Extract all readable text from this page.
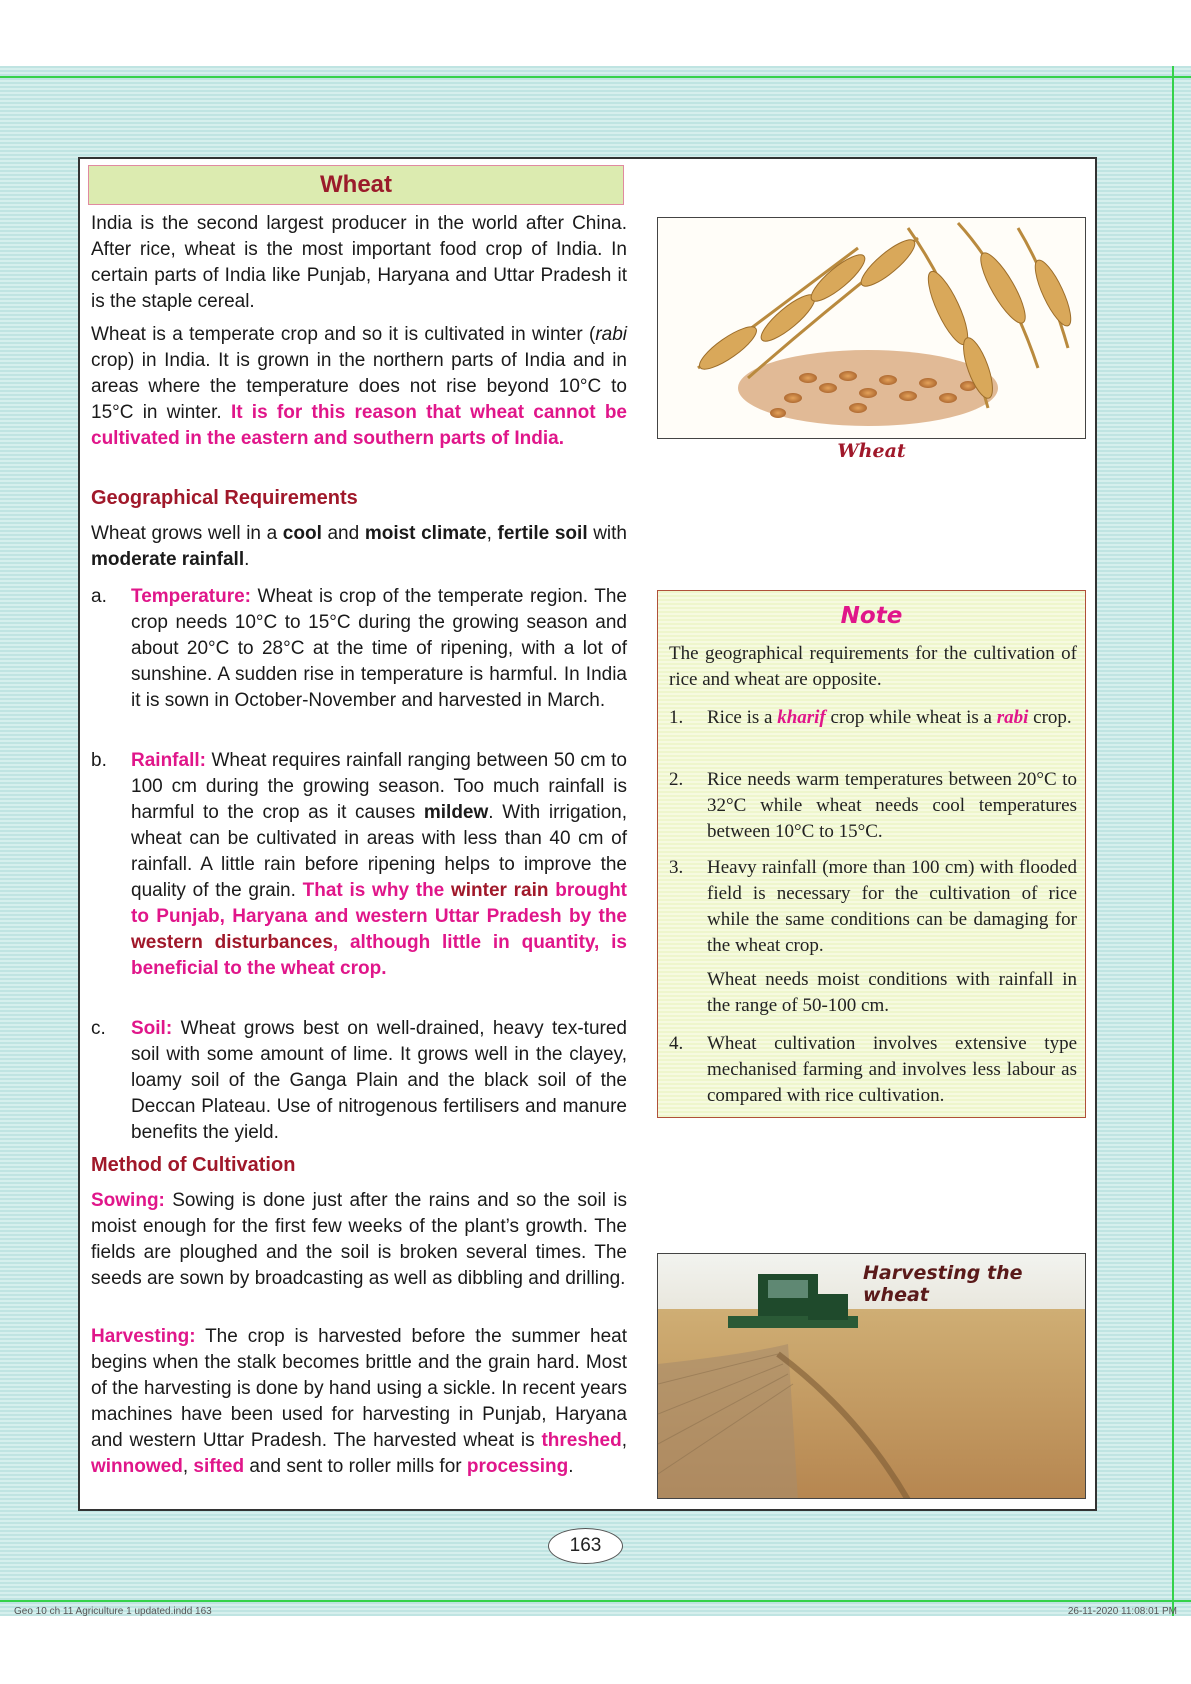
Wheat

India is the second largest producer in the world after China. After rice, wheat is the most important food crop of India. In certain parts of India like Punjab, Haryana and Uttar Pradesh it is the staple cereal.

Wheat is a temperate crop and so it is cultivated in winter (rabi crop) in India. It is grown in the northern parts of India and in areas where the temperature does not rise beyond 10°C to 15°C in winter. It is for this reason that wheat cannot be cultivated in the eastern and southern parts of India.

Geographical Requirements

Wheat grows well in a cool and moist climate, fertile soil with moderate rainfall.

a.	Temperature: Wheat is crop of the temperate region. The crop needs 10°C to 15°C during the growing season and about 20°C to 28°C at the time of ripening, with a lot of sunshine. A sudden rise in temperature is harmful. In India it is sown in October-November and harvested in March.

b.	Rainfall: Wheat requires rainfall ranging between 50 cm to 100 cm during the growing season. Too much rainfall is harmful to the crop as it causes mildew. With irrigation, wheat can be cultivated in areas with less than 40 cm of rainfall. A little rain before ripening helps to improve the quality of the grain. That is why the winter rain brought to Punjab, Haryana and western Uttar Pradesh by the western disturbances, although little in quantity, is beneficial to the wheat crop.

c.	Soil: Wheat grows best on well-drained, heavy tex-tured soil with some amount of lime. It grows well in the clayey, loamy soil of the Ganga Plain and the black soil of the Deccan Plateau. Use of nitrogenous fertilisers and manure benefits the yield.

Method of Cultivation

Sowing: Sowing is done just after the rains and so the soil is moist enough for the first few weeks of the plant’s growth. The fields are ploughed and the soil is broken several times. The seeds are sown by broadcasting as well as dibbling and drilling.

Harvesting: The crop is harvested before the summer heat begins when the stalk becomes brittle and the grain hard. Most of the harvesting is done by hand using a sickle. In recent years machines have been used for harvesting in Punjab, Haryana and western Uttar Pradesh. The harvested wheat is threshed, winnowed, sifted and sent to roller mills for processing.

Wheat
Note

The geographical requirements for the cultivation of rice and wheat are opposite.

1. Rice is a kharif crop while wheat is a rabi crop.

2. Rice needs warm temperatures between 20°C to 32°C while wheat needs cool temperatures between 10°C to 15°C.

3. Heavy rainfall (more than 100 cm) with flooded field is necessary for the cultivation of rice while the same conditions can be damaging for the wheat crop.

Wheat needs moist conditions with rainfall in the range of 50-100 cm.

4. Wheat cultivation involves extensive type mechanised farming and involves less labour as compared with rice cultivation.

Harvesting the wheat
163
Geo 10 ch 11 Agriculture 1 updated.indd 163	26-11-2020 11:08:01 PM
